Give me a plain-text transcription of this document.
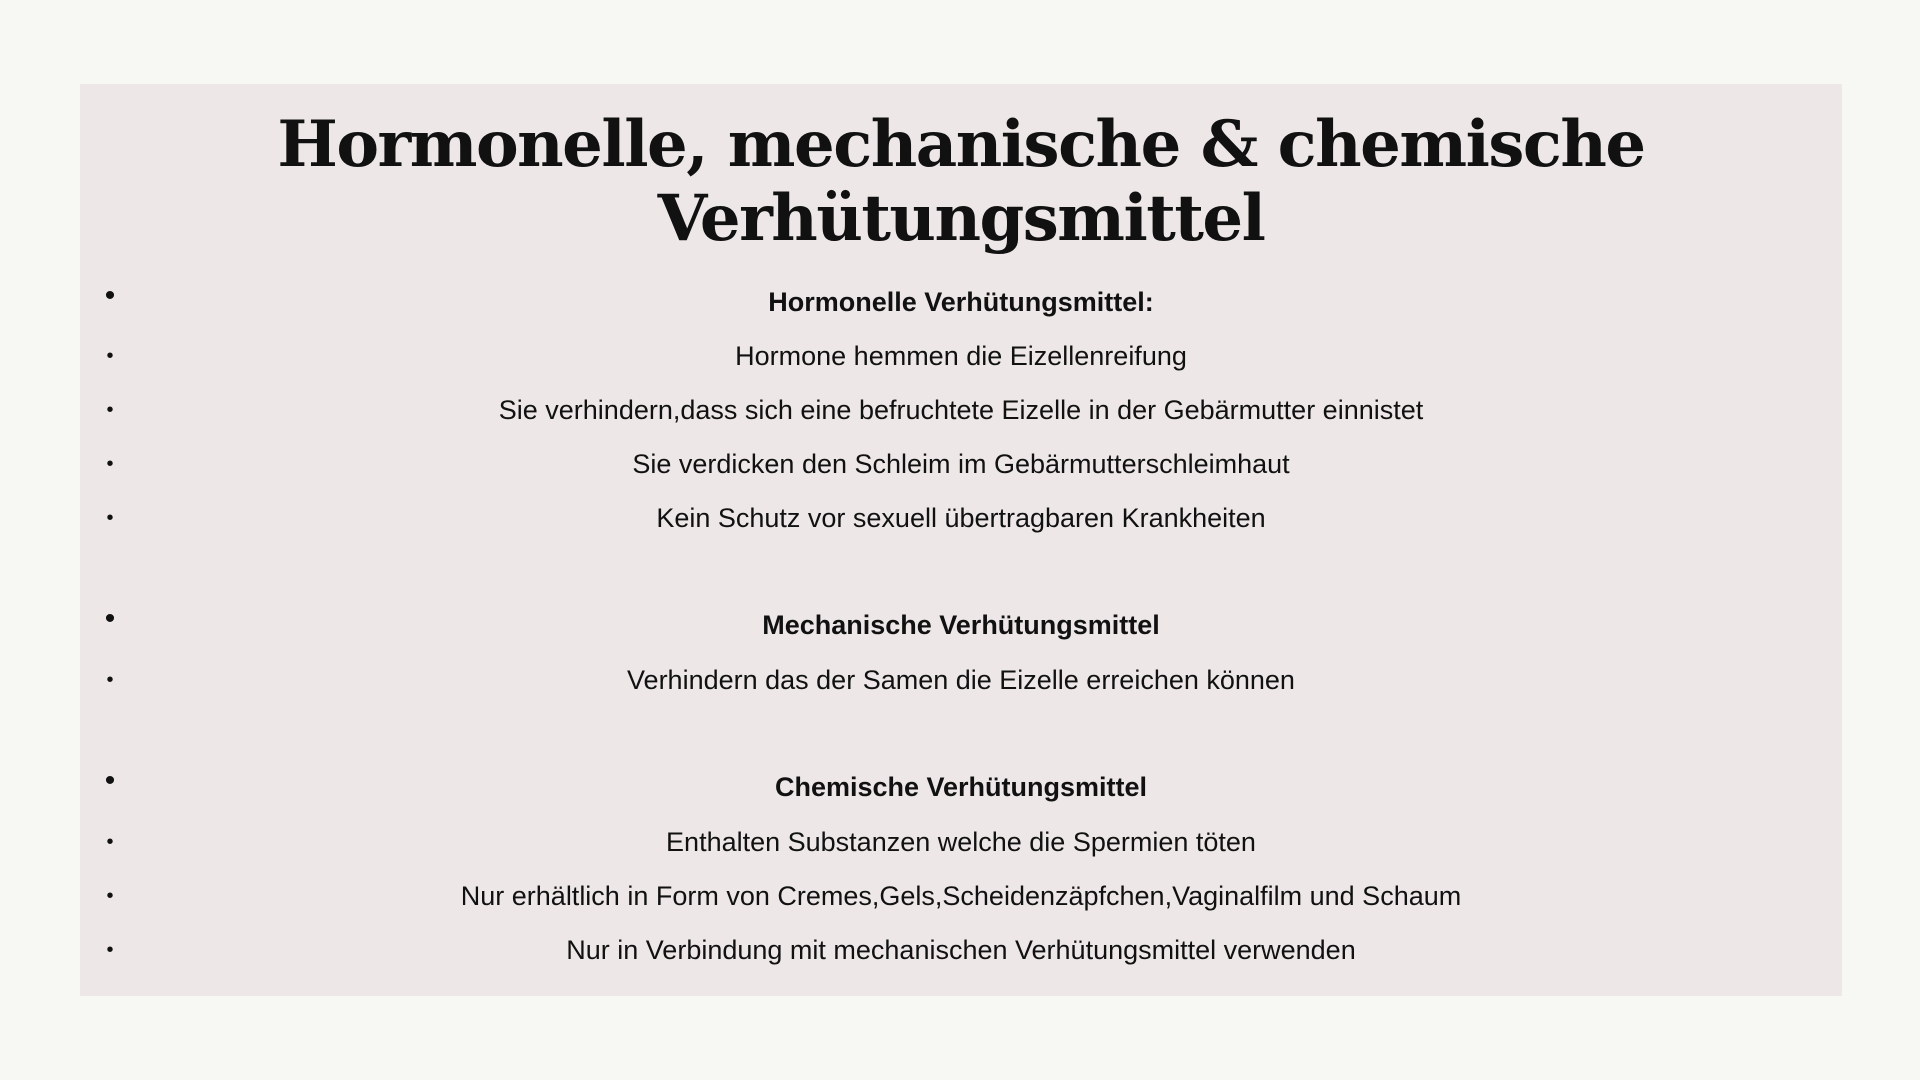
Hormonelle, mechanische & chemische
Verhütungsmittel
•	Hormonelle Verhütungsmittel:
•	Hormone hemmen die Eizellenreifung
•	Sie verhindern,dass sich eine befruchtete Eizelle in der Gebärmutter einnistet
•	Sie verdicken den Schleim im Gebärmutterschleimhaut
•	Kein Schutz vor sexuell übertragbaren Krankheiten
•	Mechanische Verhütungsmittel
•	Verhindern das der Samen die Eizelle erreichen können
•	Chemische Verhütungsmittel
•	Enthalten Substanzen welche die Spermien töten
•	Nur erhältlich in Form von Cremes,Gels,Scheidenzäpfchen,Vaginalfilm und Schaum
•	Nur in Verbindung mit mechanischen Verhütungsmittel verwenden
